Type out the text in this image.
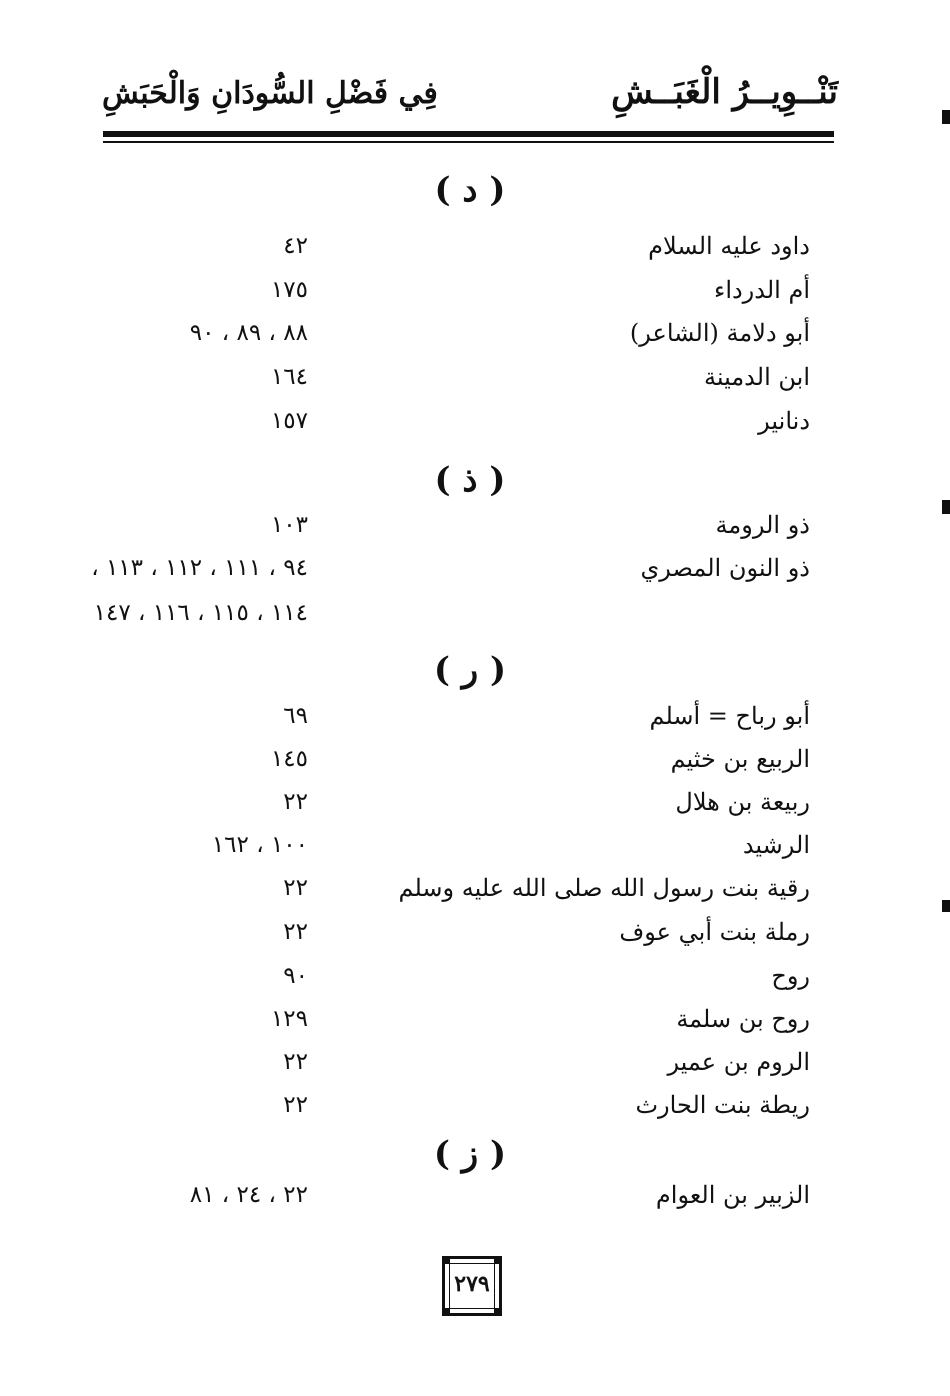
تَنْــوِيــرُ الْغَبَــشِ
فِي فَضْلِ السُّودَانِ وَالْحَبَشِ
( د )
داود عليه السلام
٤٢
أم الدرداء
١٧٥
أبو دلامة (الشاعر)
٨٨ ، ٨٩ ، ٩٠
ابن الدمينة
١٦٤
دنانير
١٥٧
( ذ )
ذو الرومة
١٠٣
ذو النون المصري
٩٤ ، ١١١ ، ١١٢ ، ١١٣ ،
١١٤ ، ١١٥ ، ١١٦ ، ١٤٧
( ر )
أبو رباح = أسلم
٦٩
الربيع بن خثيم
١٤٥
ربيعة بن هلال
٢٢
الرشيد
١٠٠ ، ١٦٢
رقية بنت رسول الله صلى الله عليه وسلم
٢٢
رملة بنت أبي عوف
٢٢
روح
٩٠
روح بن سلمة
١٢٩
الروم بن عمير
٢٢
ريطة بنت الحارث
٢٢
( ز )
الزبير بن العوام
٢٢ ، ٢٤ ، ٨١
٢٧٩
